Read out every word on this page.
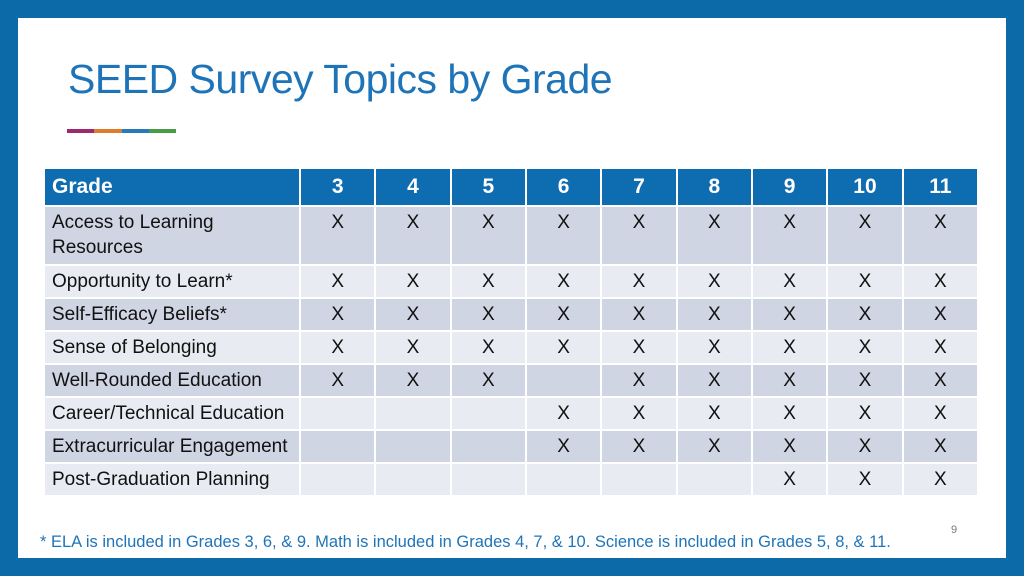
SEED Survey Topics by Grade
Grade	3	4	5	6	7	8	9	10	11
Access to Learning Resources	X	X	X	X	X	X	X	X	X
Opportunity to Learn*	X	X	X	X	X	X	X	X	X
Self-Efficacy Beliefs*	X	X	X	X	X	X	X	X	X
Sense of Belonging	X	X	X	X	X	X	X	X	X
Well-Rounded Education	X	X	X		X	X	X	X	X
Career/Technical Education				X	X	X	X	X	X
Extracurricular Engagement				X	X	X	X	X	X
Post-Graduation Planning							X	X	X
* ELA is included in Grades 3, 6, & 9. Math is included in Grades 4, 7, & 10. Science is included in Grades 5, 8, & 11.
9
